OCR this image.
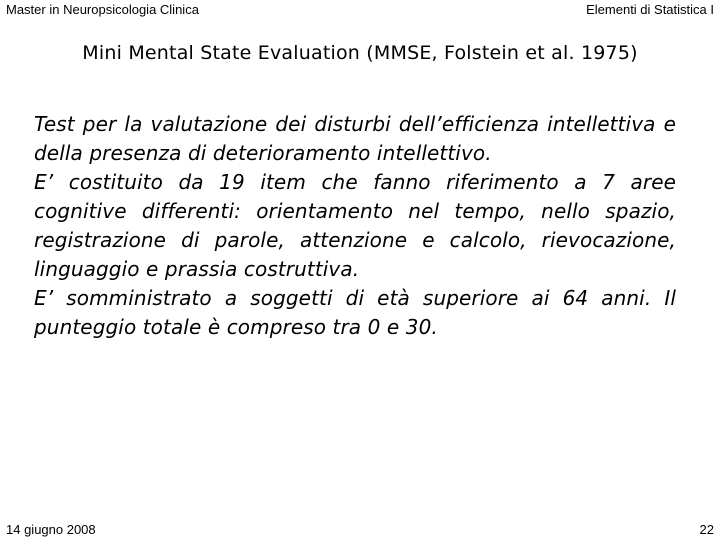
Master in Neuropsicologia Clinica	Elementi di Statistica I
Mini Mental State Evaluation (MMSE, Folstein et al. 1975)

Test per la valutazione dei disturbi dell’efficienza intellettiva e della presenza di deterioramento intellettivo.

E’ costituito da 19 item che fanno riferimento a 7 aree cognitive differenti: orientamento nel tempo, nello spazio, registrazione di parole, attenzione e calcolo, rievocazione, linguaggio e prassia costruttiva.

E’ somministrato a soggetti di età superiore ai 64 anni. Il punteggio totale è compreso tra 0 e 30.

14 giugno 2008	22
